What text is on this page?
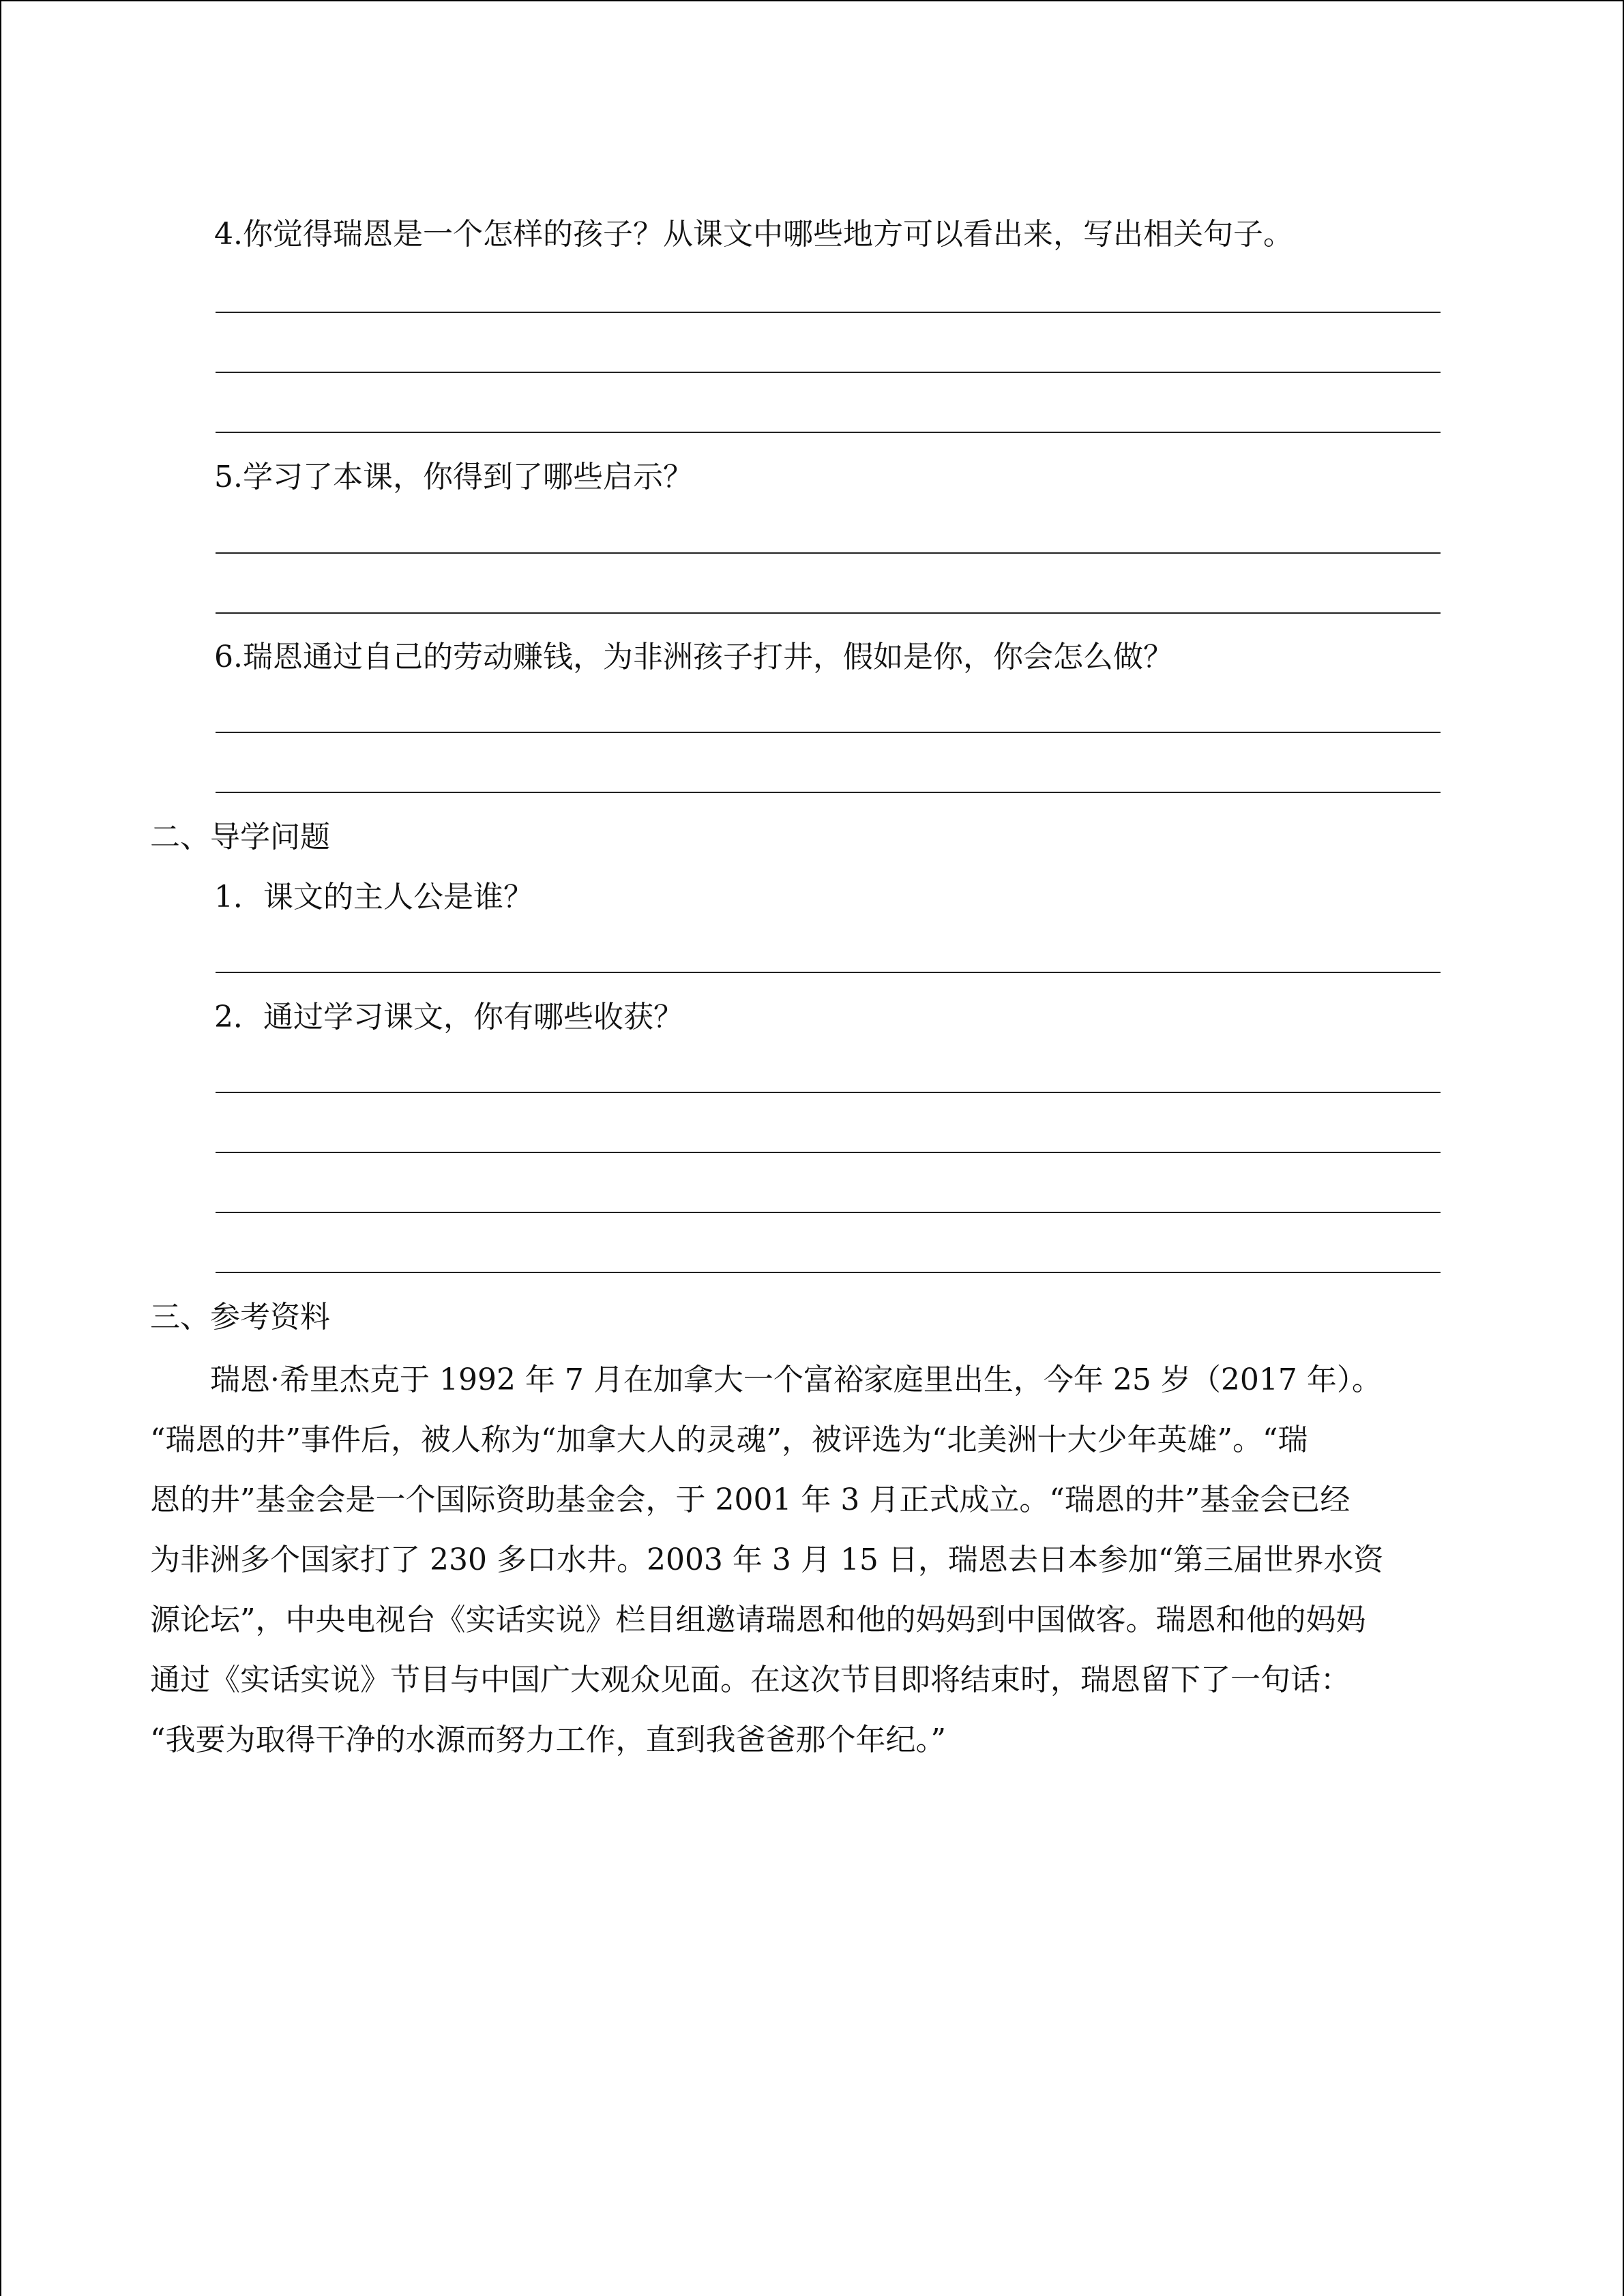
4.你觉得瑞恩是一个怎样的孩子？从课文中哪些地方可以看出来，写出相关句子。
5.学习了本课，你得到了哪些启示？
6.瑞恩通过自己的劳动赚钱，为非洲孩子打井，假如是你，你会怎么做？
二、导学问题
1．课文的主人公是谁？
2．通过学习课文，你有哪些收获？
三、参考资料

　　瑞恩·希里杰克于 1992 年 7 月在加拿大一个富裕家庭里出生，今年 25 岁（2017 年）。

“瑞恩的井”事件后，被人称为“加拿大人的灵魂”，被评选为“北美洲十大少年英雄”。“瑞

恩的井”基金会是一个国际资助基金会，于 2001 年 3 月正式成立。“瑞恩的井”基金会已经

为非洲多个国家打了 230 多口水井。2003 年 3 月 15 日，瑞恩去日本参加“第三届世界水资

源论坛”，中央电视台《实话实说》栏目组邀请瑞恩和他的妈妈到中国做客。瑞恩和他的妈妈

通过《实话实说》节目与中国广大观众见面。在这次节目即将结束时，瑞恩留下了一句话：

“我要为取得干净的水源而努力工作，直到我爸爸那个年纪。”
